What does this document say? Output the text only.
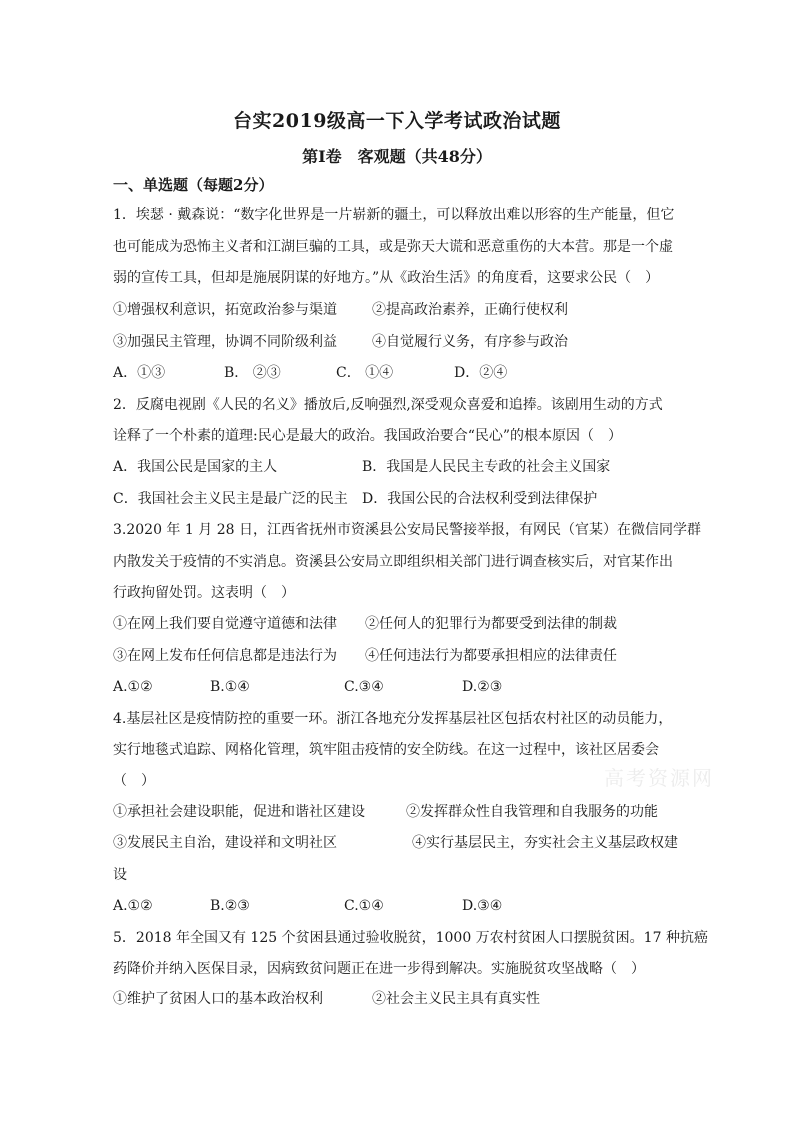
台实2019级高一下入学考试政治试题
第Ⅰ卷　客观题（共48分）
一、单选题（每题2分）
1．埃瑟 · 戴森说：“数字化世界是一片崭新的疆土，可以释放出难以形容的生产能量，但它
也可能成为恐怖主义者和江湖巨骗的工具，或是弥天大谎和恶意重伤的大本营。那是一个虚
弱的宣传工具，但却是施展阴谋的好地方。”从《政治生活》的角度看，这要求公民（　）
①增强权利意识，拓宽政治参与渠道	②提高政治素养，正确行使权利
③加强民主管理，协调不同阶级利益	④自觉履行义务，有序参与政治
A．①③	B． ②③	C． ①④	D．②④
2．反腐电视剧《人民的名义》播放后,反响强烈,深受观众喜爱和追捧。该剧用生动的方式
诠释了一个朴素的道理:民心是最大的政治。我国政治要合“民心”的根本原因（　）
A．我国公民是国家的主人	B．我国是人民民主专政的社会主义国家
C．我国社会主义民主是最广泛的民主 D．我国公民的合法权利受到法律保护
3.2020 年 1 月 28 日，江西省抚州市资溪县公安局民警接举报，有网民（官某）在微信同学群
内散发关于疫情的不实消息。资溪县公安局立即组织相关部门进行调查核实后，对官某作出
行政拘留处罚。这表明（　）
①在网上我们要自觉遵守道德和法律 ②任何人的犯罪行为都要受到法律的制裁
③在网上发布任何信息都是违法行为 ④任何违法行为都要承担相应的法律责任
A.①②	B.①④	C.③④	D.②③
4.基层社区是疫情防控的重要一环。浙江各地充分发挥基层社区包括农村社区的动员能力，
实行地毯式追踪、网格化管理，筑牢阻击疫情的安全防线。在这一过程中，该社区居委会
（　）
①承担社会建设职能，促进和谐社区建设	②发挥群众性自我管理和自我服务的功能
③发展民主自治，建设祥和文明社区	④实行基层民主，夯实社会主义基层政权建
设
A.①②	B.②③	C.①④	D.③④
5．2018 年全国又有 125 个贫困县通过验收脱贫，1000 万农村贫困人口摆脱贫困。17 种抗癌
药降价并纳入医保目录，因病致贫问题正在进一步得到解决。实施脱贫攻坚战略（　）
①维护了贫困人口的基本政治权利	②社会主义民主具有真实性
高考资源网
